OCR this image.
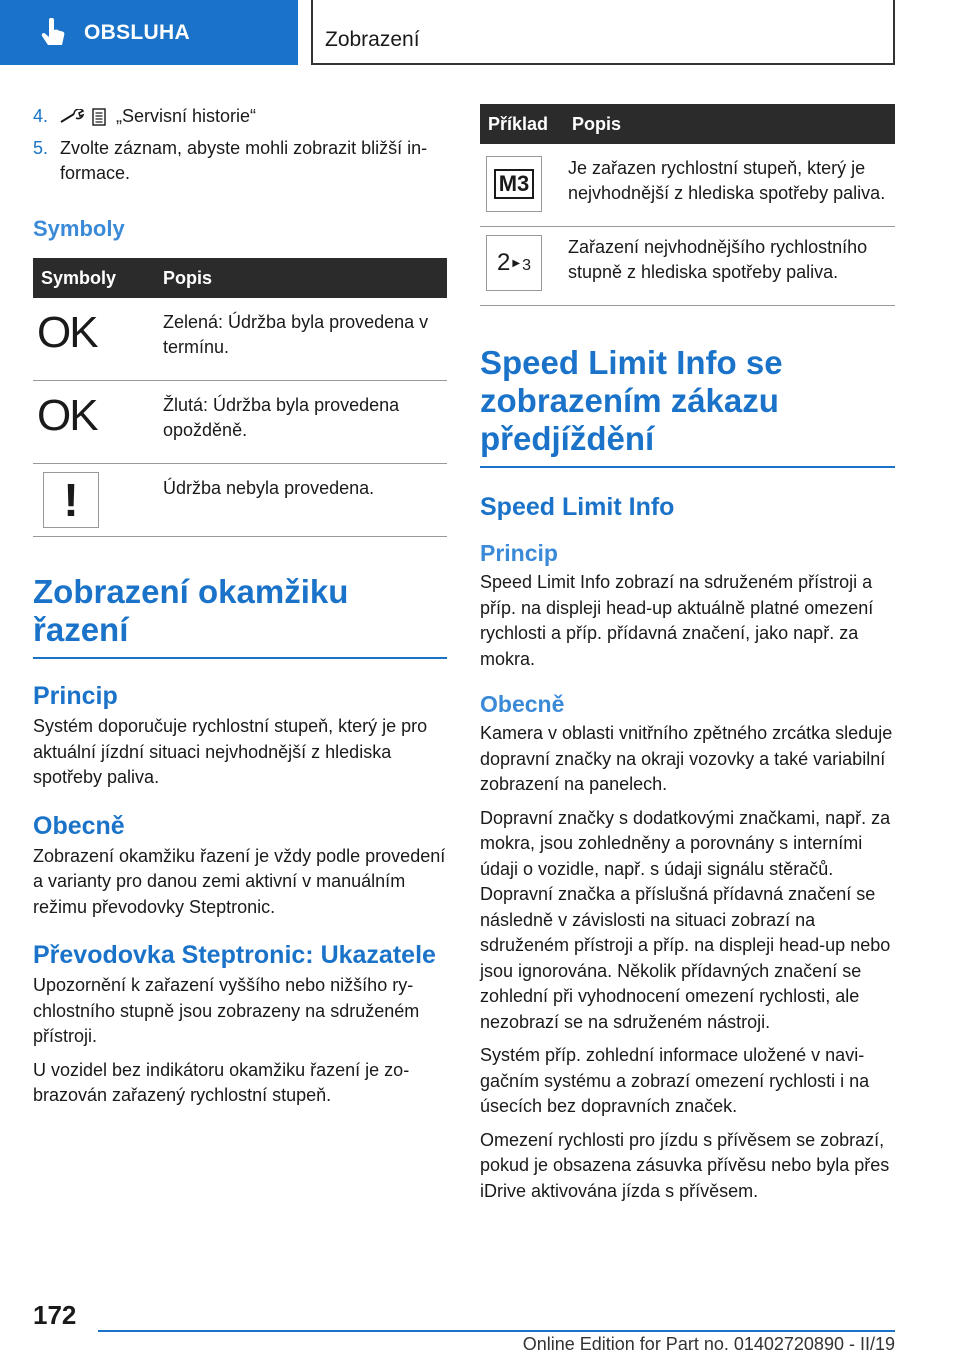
OBSLUHA	Zobrazení
4.	„Servisní historie“
5. Zvolte záznam, abyste mohli zobrazit bližší informace.
Symboly
Symboly	Popis
OK	Zelená: Údržba byla provedena v termínu.
OK	Žlutá: Údržba byla provedena opožděně.

!	Údržba nebyla provedena.
Zobrazení okamžiku řazení
Princip
Systém doporučuje rychlostní stupeň, který je pro aktuální jízdní situaci nejvhodnější z hlediska spotřeby paliva.
Obecně
Zobrazení okamžiku řazení je vždy podle provedení a varianty pro danou zemi aktivní v manuálním režimu převodovky Steptronic.
Převodovka Steptronic: Ukazatele
Upozornění k zařazení vyššího nebo nižšího rychlostního stupně jsou zobrazeny na sdruženém přístroji.
U vozidel bez indikátoru okamžiku řazení je zobrazován zařazený rychlostní stupeň.
Příklad	Popis

M3	Je zařazen rychlostní stupeň, který je nejvhodnější z hlediska spotřeby paliva.

2 ▶ 3	Zařazení nejvhodnějšího rychlostního stupně z hlediska spotřeby paliva.
Speed Limit Info se zobrazením zákazu předjíždění
Speed Limit Info
Princip
Speed Limit Info zobrazí na sdruženém přístroji a příp. na displeji head-up aktuálně platné omezení rychlosti a příp. přídavná značení, jako např. za mokra.
Obecně
Kamera v oblasti vnitřního zpětného zrcátka sleduje dopravní značky na okraji vozovky a také variabilní zobrazení na panelech.
Dopravní značky s dodatkovými značkami, např. za mokra, jsou zohledněny a porovnány s interními údaji o vozidle, např. s údaji signálu stěračů. Dopravní značka a příslušná přídavná značení se následně v závislosti na situaci zobrazí na sdruženém přístroji a příp. na displeji head-up nebo jsou ignorována. Několik přídavných značení se zohlední při vyhodnocení omezení rychlosti, ale nezobrazí se na sdruženém nástroji.
Systém příp. zohlední informace uložené v navigačním systému a zobrazí omezení rychlosti i na úsecích bez dopravních značek.
Omezení rychlosti pro jízdu s přívěsem se zobrazí, pokud je obsazena zásuvka přívěsu nebo byla přes iDrive aktivována jízda s přívěsem.
172
Online Edition for Part no. 01402720890 - II/19
